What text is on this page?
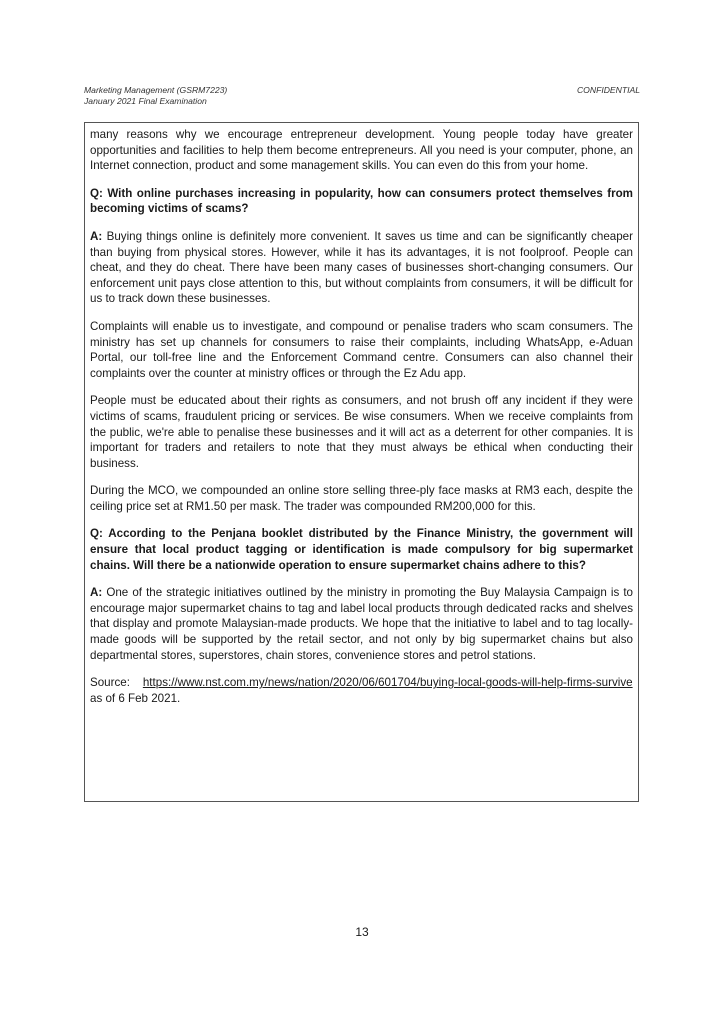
Marketing Management (GSRM7223)
January 2021 Final Examination
CONFIDENTIAL

many reasons why we encourage entrepreneur development. Young people today have greater opportunities and facilities to help them become entrepreneurs. All you need is your computer, phone, an Internet connection, product and some management skills. You can even do this from your home.

Q: With online purchases increasing in popularity, how can consumers protect themselves from becoming victims of scams?

A: Buying things online is definitely more convenient. It saves us time and can be significantly cheaper than buying from physical stores. However, while it has its advantages, it is not foolproof. People can cheat, and they do cheat. There have been many cases of businesses short-changing consumers. Our enforcement unit pays close attention to this, but without complaints from consumers, it will be difficult for us to track down these businesses.

Complaints will enable us to investigate, and compound or penalise traders who scam consumers. The ministry has set up channels for consumers to raise their complaints, including WhatsApp, e-Aduan Portal, our toll-free line and the Enforcement Command centre. Consumers can also channel their complaints over the counter at ministry offices or through the Ez Adu app.

People must be educated about their rights as consumers, and not brush off any incident if they were victims of scams, fraudulent pricing or services. Be wise consumers. When we receive complaints from the public, we're able to penalise these businesses and it will act as a deterrent for other companies. It is important for traders and retailers to note that they must always be ethical when conducting their business.

During the MCO, we compounded an online store selling three-ply face masks at RM3 each, despite the ceiling price set at RM1.50 per mask. The trader was compounded RM200,000 for this.

Q: According to the Penjana booklet distributed by the Finance Ministry, the government will ensure that local product tagging or identification is made compulsory for big supermarket chains. Will there be a nationwide operation to ensure supermarket chains adhere to this?

A: One of the strategic initiatives outlined by the ministry in promoting the Buy Malaysia Campaign is to encourage major supermarket chains to tag and label local products through dedicated racks and shelves that display and promote Malaysian-made products. We hope that the initiative to label and to tag locally-made goods will be supported by the retail sector, and not only by big supermarket chains but also departmental stores, superstores, chain stores, convenience stores and petrol stations.

Source: https://www.nst.com.my/news/nation/2020/06/601704/buying-local-goods-will-help-firms-survive as of 6 Feb 2021.

13
